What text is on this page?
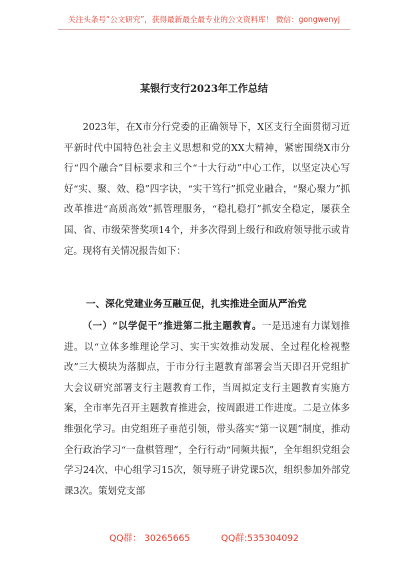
关注头条号“公文研究”，获得最新最全最专业的公文资料库！ 微信：gongwenyj
某银行支行2023年工作总结
2023年，在X市分行党委的正确领导下，X区支行全面贯彻习近平新时代中国特色社会主义思想和党的XX大精神，紧密围绕X市分行“四个融合”目标要求和三个“十大行动”中心工作，以坚定决心写好“实、聚、效、稳”四字诀，“实干笃行”抓党业融合，“聚心聚力”抓改革推进“高质高效”抓管理服务，“稳扎稳打”抓安全稳定，屡获全国、省、市级荣誉奖项14个，并多次得到上级行和政府领导批示或肯定。现将有关情况报告如下：
一、深化党建业务互融互促，扎实推进全面从严治党
（一）“以学促干”推进第二批主题教育。一是迅速有力谋划推进。以“立体多维理论学习、实干实效推动发展、全过程化检视整改”三大模块为落脚点，于市分行主题教育部署会当天即召开党组扩大会议研究部署支行主题教育工作，当周拟定支行主题教育实施方案，全市率先召开主题教育推进会，按周跟进工作进度。二是立体多维强化学习。由党组班子垂范引领，带头落实“第一议题”制度，推动全行政治学习“一盘棋管理”，全行行动“同频共振”，全年组织党组会学习24次、中心组学习15次，领导班子讲党课5次，组织参加外部党课3次。策划党支部
QQ群： 30265665	QQ群:535304092
